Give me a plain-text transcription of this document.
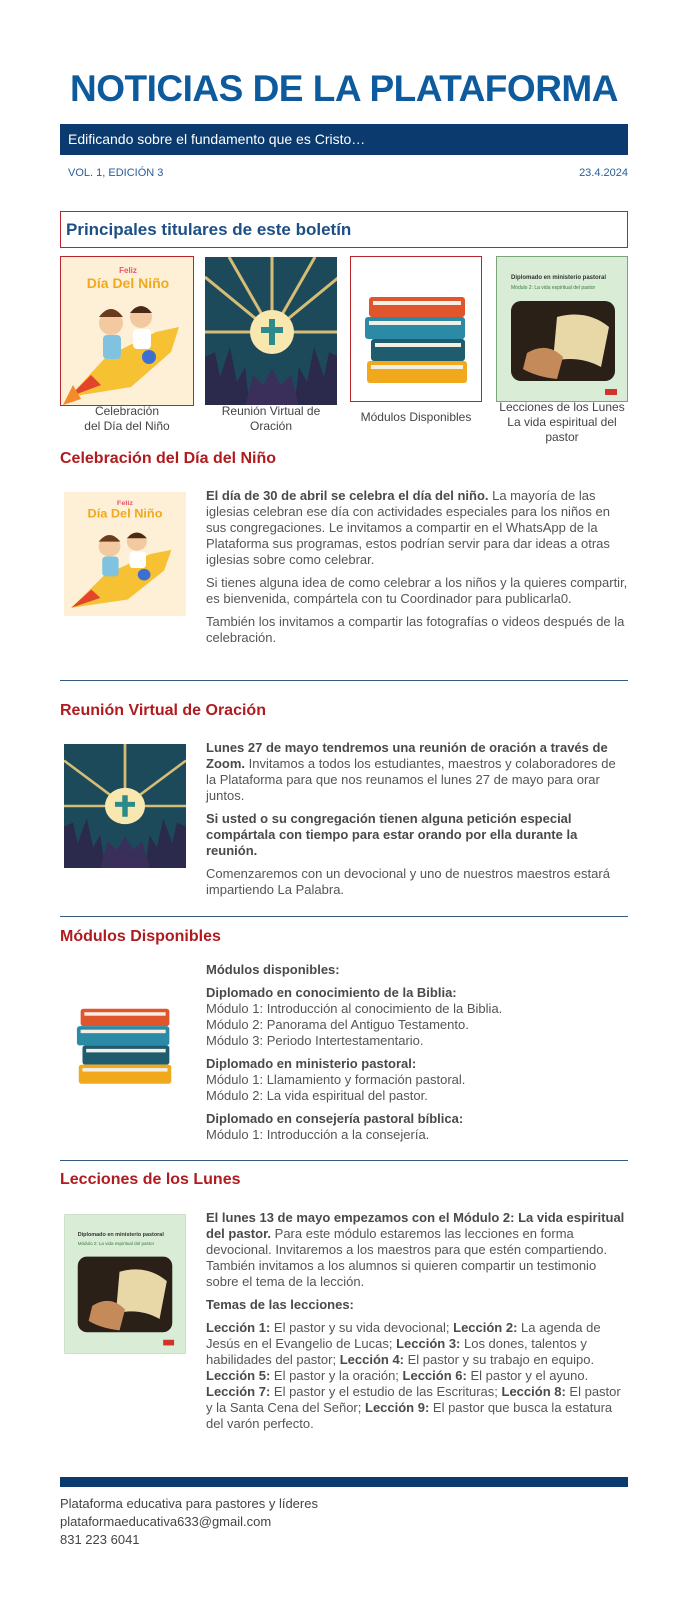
NOTICIAS DE LA PLATAFORMA
Edificando sobre el fundamento que es Cristo…
VOL. 1, EDICIÓN 3	23.4.2024
Principales titulares de este boletín
Feliz
Día Del Niño
Celebración
del Día del Niño
Reunión Virtual de
Oración
Módulos Disponibles
Diplomado en ministerio pastoral
Módulo 2: La vida espiritual del pastor
Lecciones de los Lunes
La vida espiritual del
pastor
Celebración del Día del Niño
Feliz
Día Del Niño

El día de 30 de abril se celebra el día del niño. La mayoría de las iglesias celebran ese día con actividades especiales para los niños en sus congregaciones. Le invitamos a compartir en el WhatsApp de la Plataforma sus programas, estos podrían servir para dar ideas a otras iglesias sobre como celebrar.

Si tienes alguna idea de como celebrar a los niños y la quieres compartir, es bienvenida, compártela con tu Coordinador para publicarla0.

También los invitamos a compartir las fotografías o videos después de la celebración.

Reunión Virtual de Oración

Lunes 27 de mayo tendremos una reunión de oración a través de Zoom. Invitamos a todos los estudiantes, maestros y colaboradores de la Plataforma para que nos reunamos el lunes 27 de mayo para orar juntos.

Si usted o su congregación tienen alguna petición especial compártala con tiempo para estar orando por ella durante la reunión.

Comenzaremos con un devocional y uno de nuestros maestros estará impartiendo La Palabra.

Módulos Disponibles

Módulos disponibles:

Diplomado en conocimiento de la Biblia:
Módulo 1: Introducción al conocimiento de la Biblia.
Módulo 2: Panorama del Antiguo Testamento.
Módulo 3: Periodo Intertestamentario.

Diplomado en ministerio pastoral:
Módulo 1: Llamamiento y formación pastoral.
Módulo 2: La vida espiritual del pastor.

Diplomado en consejería pastoral bíblica:
Módulo 1: Introducción a la consejería.

Lecciones de los Lunes
Diplomado en ministerio pastoral
Módulo 2: La vida espiritual del pastor

El lunes 13 de mayo empezamos con el Módulo 2: La vida espiritual del pastor. Para este módulo estaremos las lecciones en forma devocional. Invitaremos a los maestros para que estén compartiendo. También invitamos a los alumnos si quieren compartir un testimonio sobre el tema de la lección.

Temas de las lecciones:

Lección 1: El pastor y su vida devocional; Lección 2: La agenda de Jesús en el Evangelio de Lucas; Lección 3: Los dones, talentos y habilidades del pastor; Lección 4: El pastor y su trabajo en equipo. Lección 5: El pastor y la oración; Lección 6: El pastor y el ayuno. Lección 7: El pastor y el estudio de las Escrituras; Lección 8: El pastor y la Santa Cena del Señor; Lección 9: El pastor que busca la estatura del varón perfecto.

Plataforma educativa para pastores y líderes
plataformaeducativa633@gmail.com
831 223 6041
